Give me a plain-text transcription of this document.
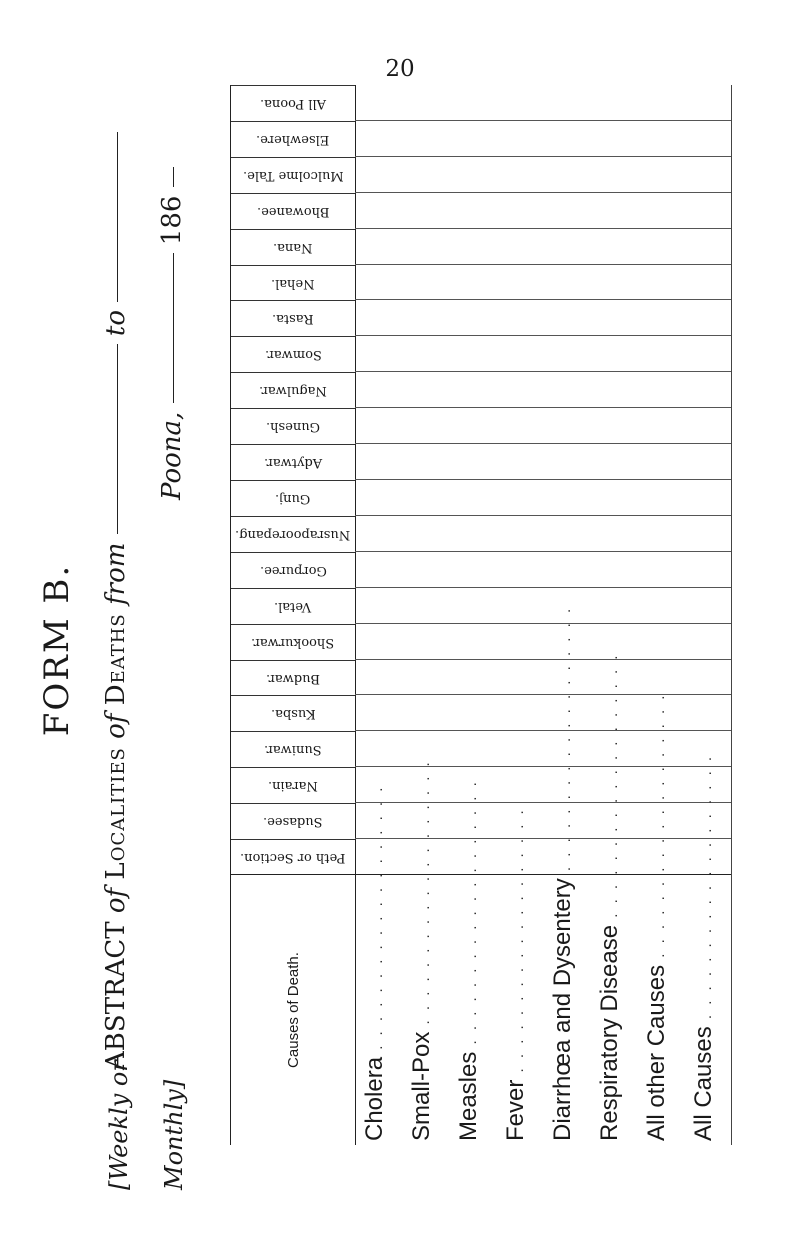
20
FORM B.
[Weekly or Monthly]
ABSTRACT of Localities of Deaths from  to
Poona,  186
Causes of Death.
Peth or Section.
Sudasee.
Narain.
Suniwar.
Kusba.
Budwar.
Shookurwar.
Vetal.
Gorpuree.
Nusrapoorepang.
Gunj.
Adytwar.
Gunesh.
Nagulwar.
Somwar.
Rasta.
Nehal.
Nana.
Bhowanee.
Mulcolme Tale.
Elsewhere.
All Poona.
Cholera . . . . . . . . . . . . . . . . . . .
Small-Pox . . . . . . . . . . . . . . . . . . .
Measles . . . . . . . . . . . . . . . . . . .
Fever . . . . . . . . . . . . . . . . . . . Diarrhœa and Dysentery . . . . . . . . . . . . . . . . . . .
Respiratory Disease . . . . . . . . . . . . . . . . . . .
All other Causes . . . . . . . . . . . . . . . . . . .
All Causes . . . . . . . . . . . . . . . . . . .
